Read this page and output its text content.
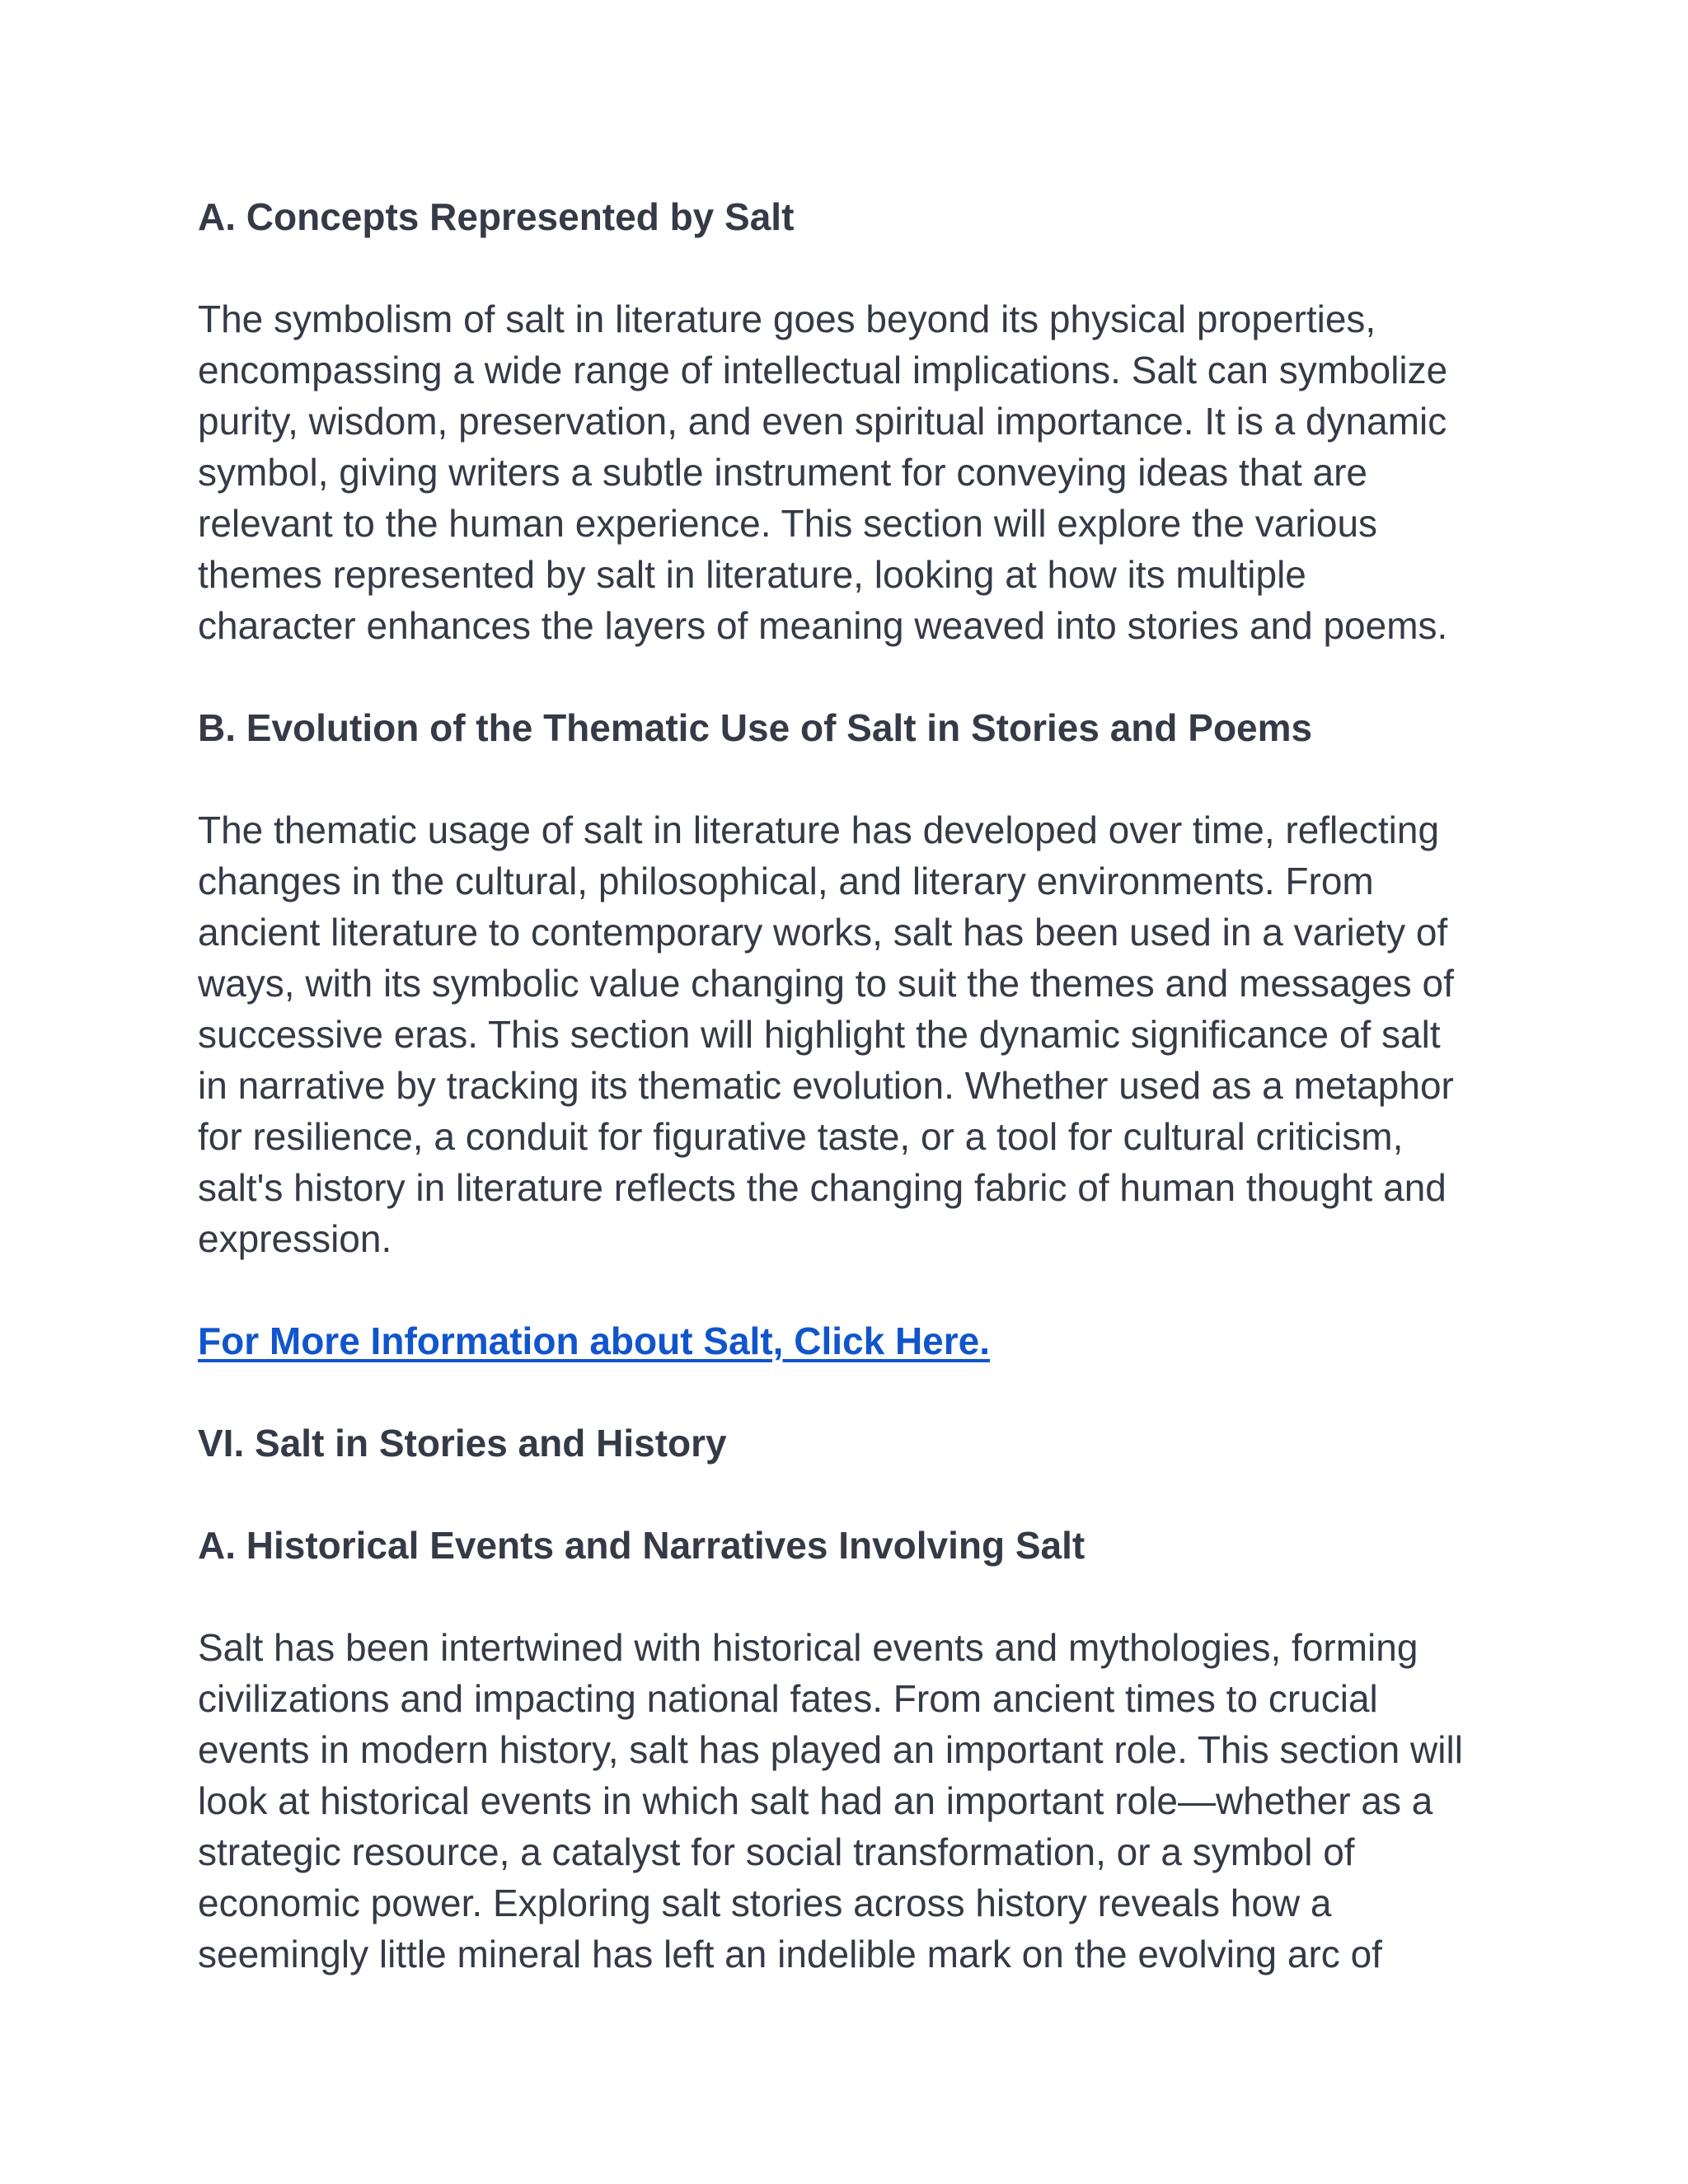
A. Concepts Represented by Salt

The symbolism of salt in literature goes beyond its physical properties,

encompassing a wide range of intellectual implications. Salt can symbolize

purity, wisdom, preservation, and even spiritual importance. It is a dynamic

symbol, giving writers a subtle instrument for conveying ideas that are

relevant to the human experience. This section will explore the various

themes represented by salt in literature, looking at how its multiple

character enhances the layers of meaning weaved into stories and poems.

B. Evolution of the Thematic Use of Salt in Stories and Poems

The thematic usage of salt in literature has developed over time, reflecting

changes in the cultural, philosophical, and literary environments. From

ancient literature to contemporary works, salt has been used in a variety of

ways, with its symbolic value changing to suit the themes and messages of

successive eras. This section will highlight the dynamic significance of salt

in narrative by tracking its thematic evolution. Whether used as a metaphor

for resilience, a conduit for figurative taste, or a tool for cultural criticism,

salt's history in literature reflects the changing fabric of human thought and

expression.

For More Information about Salt, Click Here.
VI. Salt in Stories and History
A. Historical Events and Narratives Involving Salt

Salt has been intertwined with historical events and mythologies, forming

civilizations and impacting national fates. From ancient times to crucial

events in modern history, salt has played an important role. This section will

look at historical events in which salt had an important role—whether as a

strategic resource, a catalyst for social transformation, or a symbol of

economic power. Exploring salt stories across history reveals how a

seemingly little mineral has left an indelible mark on the evolving arc of
